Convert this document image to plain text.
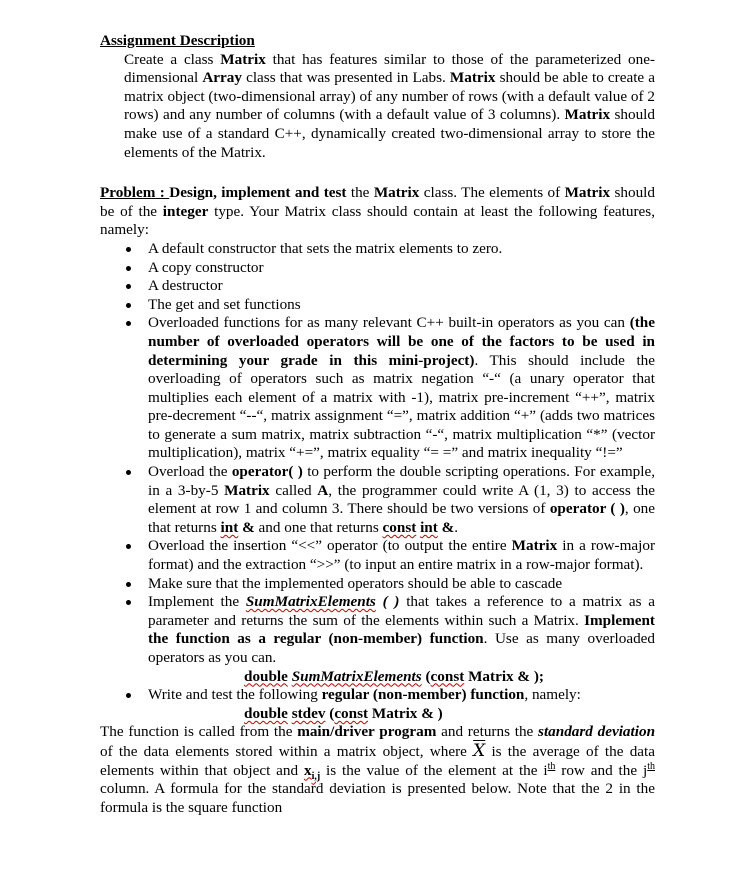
Assignment Description

Create a class Matrix that has features similar to those of the parameterized one-dimensional Array class that was presented in Labs. Matrix should be able to create a matrix object (two-dimensional array) of any number of rows (with a default value of 2 rows) and any number of columns (with a default value of 3 columns). Matrix should make use of a standard C++, dynamically created two-dimensional array to store the elements of the Matrix.

Problem : Design, implement and test the Matrix class. The elements of Matrix should be of the integer type. Your Matrix class should contain at least the following features, namely:

A default constructor that sets the matrix elements to zero.
A copy constructor
A destructor
The get and set functions
Overloaded functions for as many relevant C++ built-in operators as you can (the number of overloaded operators will be one of the factors to be used in determining your grade in this mini-project). This should include the overloading of operators such as matrix negation “-“ (a unary operator that multiplies each element of a matrix with -1), matrix pre-increment “++”, matrix pre-decrement “--“, matrix assignment “=”, matrix addition “+” (adds two matrices to generate a sum matrix, matrix subtraction “-“, matrix multiplication “*” (vector multiplication), matrix “+=”, matrix equality “= =” and matrix inequality “!=”
Overload the operator( ) to perform the double scripting operations. For example, in a 3-by-5 Matrix called A, the programmer could write A (1, 3) to access the element at row 1 and column 3. There should be two versions of operator ( ), one that returns int & and one that returns const int &.
Overload the insertion “<<” operator (to output the entire Matrix in a row-major format) and the extraction “>>” (to input an entire matrix in a row-major format).
Make sure that the implemented operators should be able to cascade
Implement the SumMatrixElements ( ) that takes a reference to a matrix as a parameter and returns the sum of the elements within such a Matrix. Implement the function as a regular (non-member) function. Use as many overloaded operators as you can.
double SumMatrixElements (const Matrix & );
Write and test the following regular (non-member) function, namely:
double stdev (const Matrix & )

The function is called from the main/driver program and returns the standard deviation of the data elements stored within a matrix object, where $\overline{X}$ is the average of the data elements within that object and $x_{i,j}$ is the value of the element at the $i^{th}$ row and the $j^{th}$ column. A formula for the standard deviation is presented below. Note that the 2 in the formula is the square function
